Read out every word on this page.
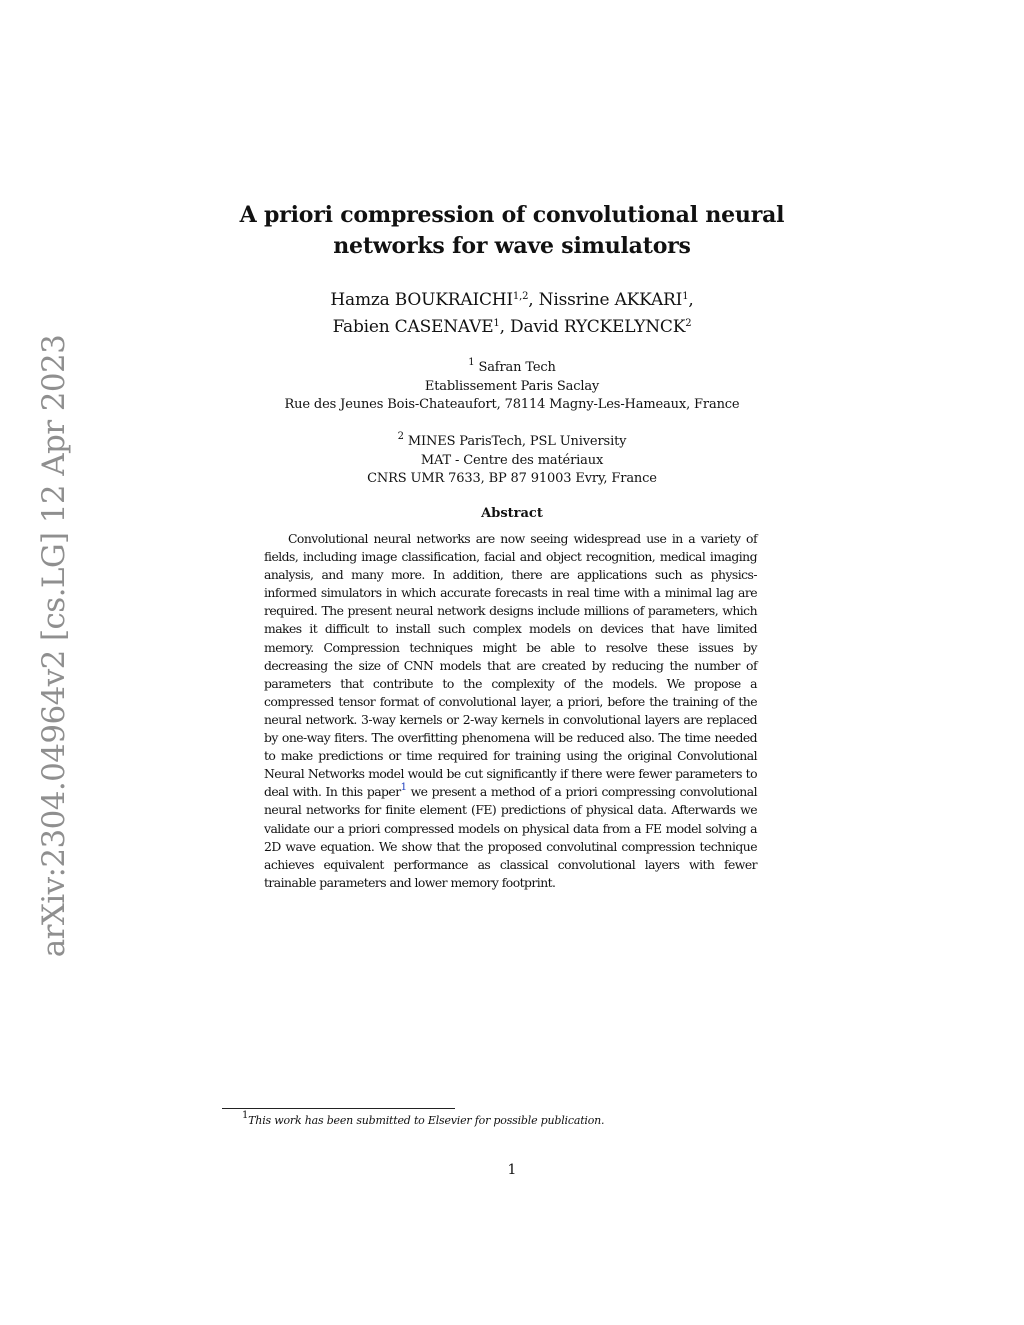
arXiv:2304.04964v2 [cs.LG] 12 Apr 2023
A priori compression of convolutional neural
networks for wave simulators
Hamza BOUKRAICHI$^{1,2}$, Nissrine AKKARI$^1$,
Fabien CASENAVE$^1$, David RYCKELYNCK$^2$
$^1$ Safran Tech
Etablissement Paris Saclay
Rue des Jeunes Bois-Chateaufort, 78114 Magny-Les-Hameaux, France
$^2$ MINES ParisTech, PSL University
MAT - Centre des matériaux
CNRS UMR 7633, BP 87 91003 Evry, France
Abstract

Convolutional neural networks are now seeing widespread use in a variety of fields, including image classification, facial and object recognition, medical imaging analysis, and many more. In addition, there are applications such as physics-informed simulators in which accurate forecasts in real time with a minimal lag are required. The present neural network designs include millions of parameters, which makes it difficult to install such complex models on devices that have limited memory. Compression techniques might be able to resolve these issues by decreasing the size of CNN models that are created by reducing the number of parameters that contribute to the complexity of the models. We propose a compressed tensor format of convolutional layer, a priori, before the training of the neural network. 3-way kernels or 2-way kernels in convolutional layers are replaced by one-way fiters. The overfitting phenomena will be reduced also. The time needed to make predictions or time required for training using the original Convolutional Neural Networks model would be cut significantly if there were fewer parameters to deal with. In this paper$^1$ we present a method of a priori compressing convolutional neural networks for finite element (FE) predictions of physical data. Afterwards we validate our a priori compressed models on physical data from a FE model solving a 2D wave equation. We show that the proposed convolutinal compression technique achieves equivalent performance as classical convolutional layers with fewer trainable parameters and lower memory footprint.

$^1$This work has been submitted to Elsevier for possible publication.
1
